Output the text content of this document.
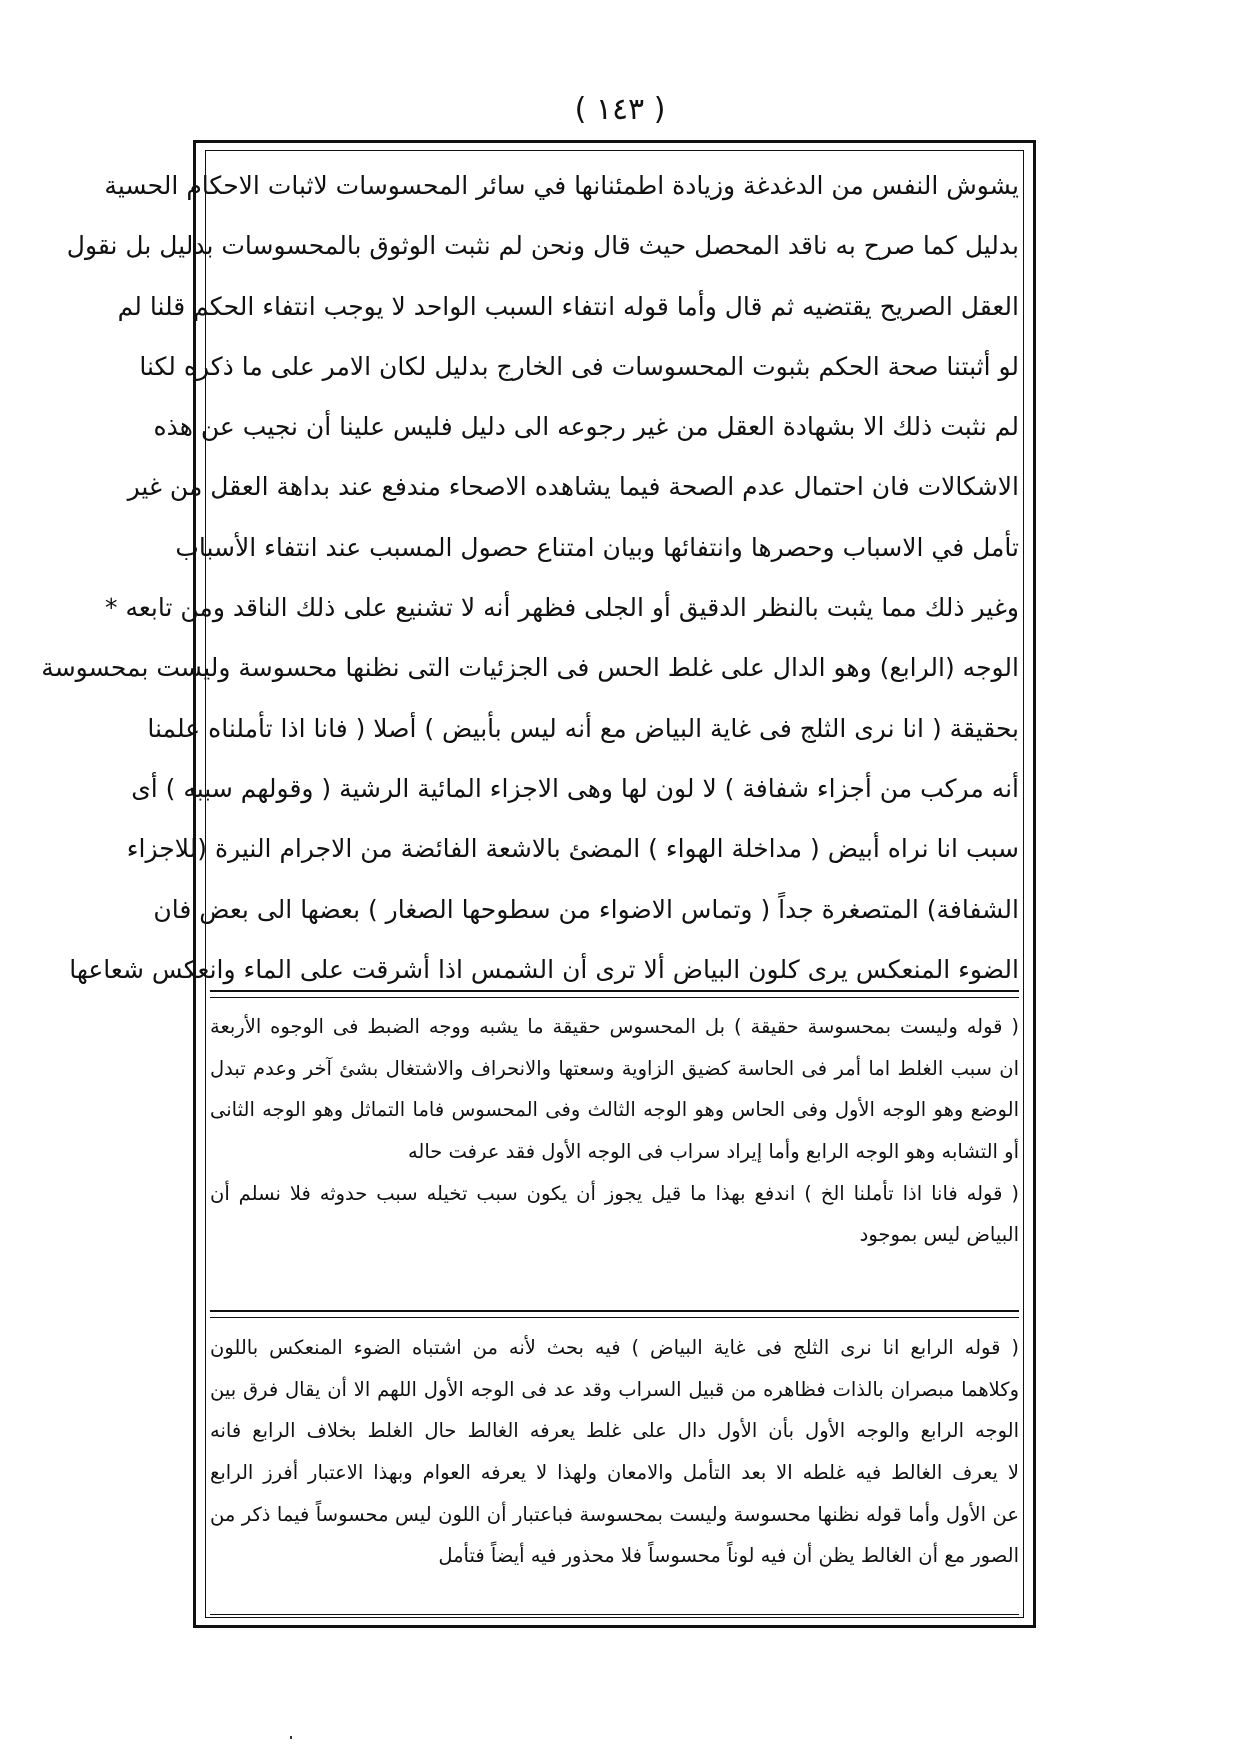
( ١٤٣ )
يشوش النفس من الدغدغة وزيادة اطمئنانها في سائر المحسوسات لاثبات الاحكام الحسية
بدليل كما صرح به ناقد المحصل حيث قال ونحن لم نثبت الوثوق بالمحسوسات بدليل بل نقول
العقل الصريح يقتضيه ثم قال وأما قوله انتفاء السبب الواحد لا يوجب انتفاء الحكم قلنا لم
لو أثبتنا صحة الحكم بثبوت المحسوسات فى الخارج بدليل لكان الامر على ما ذكره لكنا
لم نثبت ذلك الا بشهادة العقل من غير رجوعه الى دليل فليس علينا أن نجيب عن هذه
الاشكالات فان احتمال عدم الصحة فيما يشاهده الاصحاء مندفع عند بداهة العقل من غير
تأمل في الاسباب وحصرها وانتفائها وبيان امتناع حصول المسبب عند انتفاء الأسباب
وغير ذلك مما يثبت بالنظر الدقيق أو الجلى فظهر أنه لا تشنيع على ذلك الناقد ومن تابعه *
الوجه (الرابع) وهو الدال على غلط الحس فى الجزئيات التى نظنها محسوسة وليست بمحسوسة
بحقيقة ( انا نرى الثلج فى غاية البياض مع أنه ليس بأبيض ) أصلا ( فانا اذا تأملناه علمنا
أنه مركب من أجزاء شفافة ) لا لون لها وهى الاجزاء المائية الرشية ( وقولهم سببه ) أى
سبب انا نراه أبيض ( مداخلة الهواء ) المضئ بالاشعة الفائضة من الاجرام النيرة (للاجزاء
الشفافة) المتصغرة جداً ( وتماس الاضواء من سطوحها الصغار ) بعضها الى بعض فان
الضوء المنعكس يرى كلون البياض ألا ترى أن الشمس اذا أشرقت على الماء وانعكس شعاعها
( قوله وليست بمحسوسة حقيقة ) بل المحسوس حقيقة ما يشبه ووجه الضبط فى الوجوه الأربعة
ان سبب الغلط اما أمر فى الحاسة كضيق الزاوية وسعتها والانحراف والاشتغال بشئ آخر وعدم تبدل
الوضع وهو الوجه الأول وفى الحاس وهو الوجه الثالث وفى المحسوس فاما التماثل وهو الوجه الثانى
أو التشابه وهو الوجه الرابع وأما إيراد سراب فى الوجه الأول فقد عرفت حاله
( قوله فانا اذا تأملنا الخ ) اندفع بهذا ما قيل يجوز أن يكون سبب تخيله سبب حدوثه فلا نسلم أن
البياض ليس بموجود
( قوله الرابع انا نرى الثلج فى غاية البياض ) فيه بحث لأنه من اشتباه الضوء المنعكس باللون
وكلاهما مبصران بالذات فظاهره من قبيل السراب وقد عد فى الوجه الأول اللهم الا أن يقال فرق بين
الوجه الرابع والوجه الأول بأن الأول دال على غلط يعرفه الغالط حال الغلط بخلاف الرابع فانه
لا يعرف الغالط فيه غلطه الا بعد التأمل والامعان ولهذا لا يعرفه العوام وبهذا الاعتبار أفرز الرابع
عن الأول وأما قوله نظنها محسوسة وليست بمحسوسة فباعتبار أن اللون ليس محسوساً فيما ذكر من
الصور مع أن الغالط يظن أن فيه لوناً محسوساً فلا محذور فيه أيضاً فتأمل
